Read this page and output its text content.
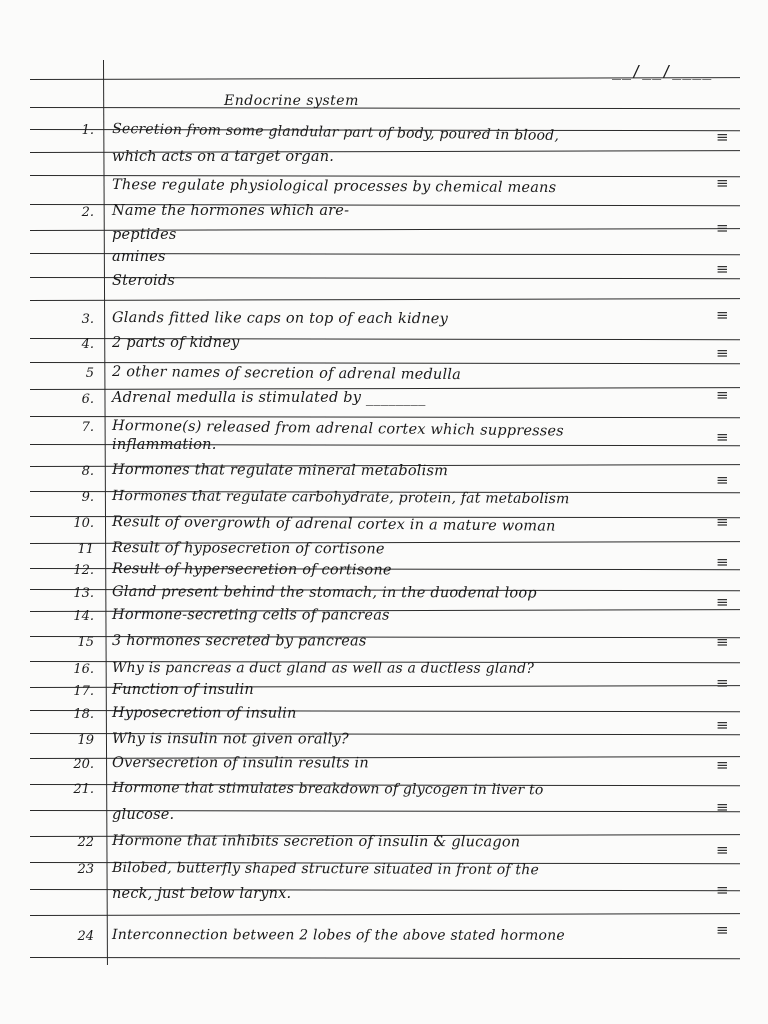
__/__/____
Endocrine system
≡
≡
≡
≡
≡
≡
≡
≡
≡
≡
≡
≡
≡
≡
≡
≡
≡
≡
≡
≡
1. Secretion from some glandular part of body, poured in blood,
which acts on a target organ.
These regulate physiological processes by chemical means
2. Name the hormones which are-
peptides
amines
Steroids
3. Glands fitted like caps on top of each kidney
4. 2 parts of kidney
5 2 other names of secretion of adrenal medulla
6. Adrenal medulla is stimulated by ________
7. Hormone(s) released from adrenal cortex which suppresses
inflammation.
8. Hormones that regulate mineral metabolism
9. Hormones that regulate carbohydrate, protein, fat metabolism
10. Result of overgrowth of adrenal cortex in a mature woman
11 Result of hyposecretion of cortisone
12. Result of hypersecretion of cortisone
13. Gland present behind the stomach, in the duodenal loop
14. Hormone-secreting cells of pancreas
15 3 hormones secreted by pancreas
16. Why is pancreas a duct gland as well as a ductless gland?
17. Function of insulin
18. Hyposecretion of insulin
19 Why is insulin not given orally?
20. Oversecretion of insulin results in
21. Hormone that stimulates breakdown of glycogen in liver to
glucose.
22 Hormone that inhibits secretion of insulin & glucagon
23 Bilobed, butterfly shaped structure situated in front of the
neck, just below larynx.
24 Interconnection between 2 lobes of the above stated hormone
